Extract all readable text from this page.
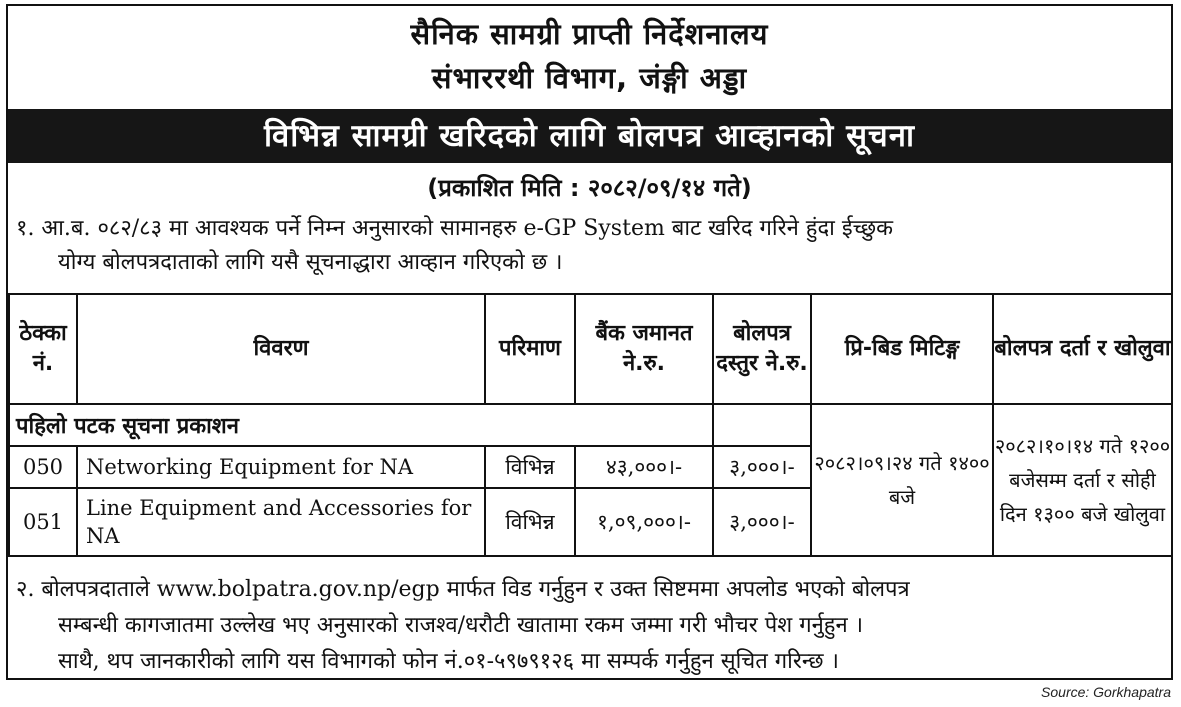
सैनिक सामग्री प्राप्ती निर्देशनालय
संभाररथी विभाग, जंङ्गी अड्डा
विभिन्न सामग्री खरिदको लागि बोलपत्र आव्हानको सूचना
(प्रकाशित मिति : २०८२/०९/१४ गते)
१. आ.ब. ०८२/८३ मा आवश्यक पर्ने निम्न अनुसारको सामानहरु e-GP System बाट खरिद गरिने हुंदा ईच्छुक
योग्य बोलपत्रदाताको लागि यसै सूचनाद्धारा आव्हान गरिएको छ ।
ठेक्का नं.	विवरण	परिमाण	बैंक जमानत ने.रु.	बोलपत्र दस्तुर ने.रु.	प्रि-बिड मिटिङ्ग	बोलपत्र दर्ता र खोलुवा
पहिलो पटक सूचना प्रकाशन					२०८२।०९।२४ गते १४०० बजे	२०८२।१०।१४ गते १२०० बजेसम्म दर्ता र सोही दिन १३०० बजे खोलुवा
050	Networking Equipment for NA	विभिन्न	४३,०००।-	३,०००।-		
051	Line Equipment and Accessories for NA	विभिन्न	१,०९,०००।-	३,०००।-		
२. बोलपत्रदाताले www.bolpatra.gov.np/egp मार्फत विड गर्नुहुन र उक्त सिष्टममा अपलोड भएको बोलपत्र
सम्बन्धी कागजातमा उल्लेख भए अनुसारको राजश्व/धरौटी खातामा रकम जम्मा गरी भौचर पेश गर्नुहुन ।
साथै, थप जानकारीको लागि यस विभागको फोन नं.०१-५९७९१२६ मा सम्पर्क गर्नुहुन सूचित गरिन्छ ।
Source: Gorkhapatra
